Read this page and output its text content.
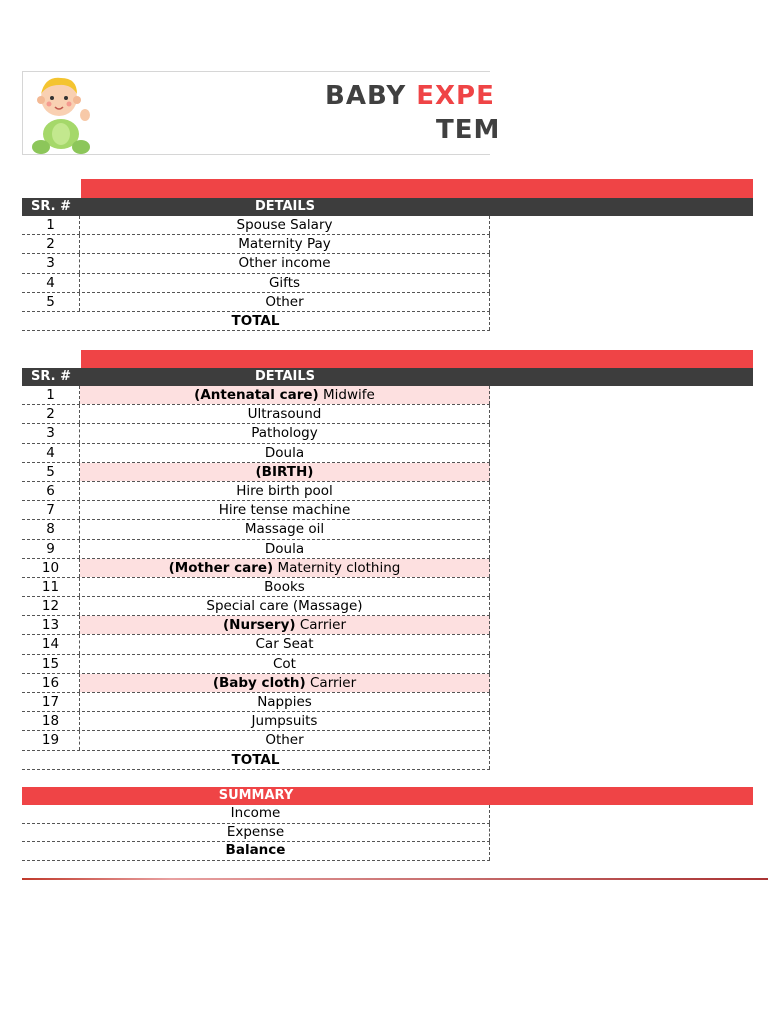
BABY EXPE
TEM
SR. #	DETAILS
1	Spouse Salary
2	Maternity Pay
3	Other income
4	Gifts
5	Other
TOTAL
SR. #	DETAILS
1	(Antenatal care) Midwife
2	Ultrasound
3	Pathology
4	Doula
5	(BIRTH)
6	Hire birth pool
7	Hire tense machine
8	Massage oil
9	Doula
10	(Mother care) Maternity clothing
11	Books
12	Special care (Massage)
13	(Nursery) Carrier
14	Car Seat
15	Cot
16	(Baby cloth) Carrier
17	Nappies
18	Jumpsuits
19	Other
TOTAL
SUMMARY
Income
Expense
Balance
